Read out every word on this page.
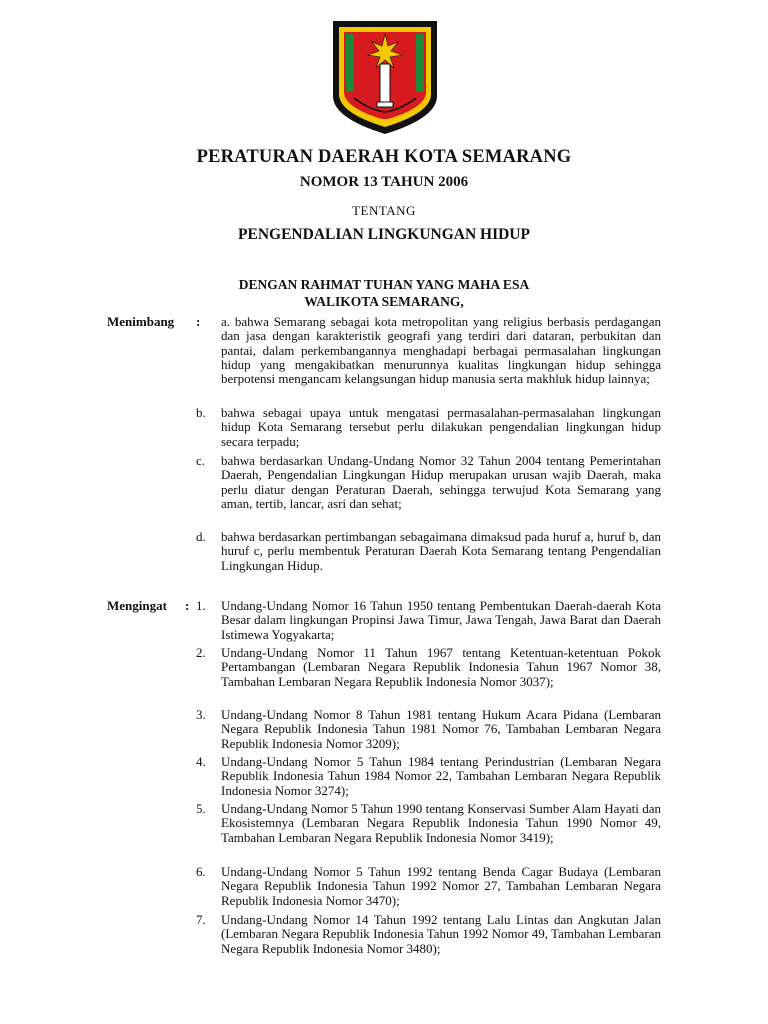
PERATURAN DAERAH KOTA SEMARANG
NOMOR 13 TAHUN 2006
TENTANG
PENGENDALIAN LINGKUNGAN HIDUP
DENGAN RAHMAT TUHAN YANG MAHA ESA
WALIKOTA SEMARANG,
Menimbang : a. bahwa Semarang sebagai kota metropolitan yang religius berbasis perdagangan dan jasa dengan karakteristik geografi yang terdiri dari dataran, perbukitan dan pantai, dalam perkembangannya menghadapi berbagai permasalahan lingkungan hidup yang mengakibatkan menurunnya kualitas lingkungan hidup sehingga berpotensi mengancam kelangsungan hidup manusia serta makhluk hidup lainnya;
b.	bahwa sebagai upaya untuk mengatasi permasalahan-permasalahan lingkungan hidup Kota Semarang tersebut perlu dilakukan pengendalian lingkungan hidup secara terpadu;
c.	bahwa berdasarkan Undang-Undang Nomor 32 Tahun 2004 tentang Pemerintahan Daerah, Pengendalian Lingkungan Hidup merupakan urusan wajib Daerah, maka perlu diatur dengan Peraturan Daerah, sehingga terwujud Kota Semarang yang aman, tertib, lancar, asri dan sehat;
d.	bahwa berdasarkan pertimbangan sebagaimana dimaksud pada huruf a, huruf b, dan huruf c, perlu membentuk Peraturan Daerah Kota Semarang tentang Pengendalian Lingkungan Hidup.
Mengingat : 1.	Undang-Undang Nomor 16 Tahun 1950 tentang Pembentukan Daerah-daerah Kota Besar dalam lingkungan Propinsi Jawa Timur, Jawa Tengah, Jawa Barat dan Daerah Istimewa Yogyakarta;
2.	Undang-Undang Nomor 11 Tahun 1967 tentang Ketentuan-ketentuan Pokok Pertambangan (Lembaran Negara Republik Indonesia Tahun 1967 Nomor 38, Tambahan Lembaran Negara Republik Indonesia Nomor 3037);
3.	Undang-Undang Nomor 8 Tahun 1981 tentang Hukum Acara Pidana (Lembaran Negara Republik Indonesia Tahun 1981 Nomor 76, Tambahan Lembaran Negara Republik Indonesia Nomor 3209);
4.	Undang-Undang Nomor 5 Tahun 1984 tentang Perindustrian (Lembaran Negara Republik Indonesia Tahun 1984 Nomor 22, Tambahan Lembaran Negara Republik Indonesia Nomor 3274);
5.	Undang-Undang Nomor 5 Tahun 1990 tentang Konservasi Sumber Alam Hayati dan Ekosistemnya (Lembaran Negara Republik Indonesia Tahun 1990 Nomor 49, Tambahan Lembaran Negara Republik Indonesia Nomor 3419);
6.	Undang-Undang Nomor 5 Tahun 1992 tentang Benda Cagar Budaya (Lembaran Negara Republik Indonesia Tahun 1992 Nomor 27, Tambahan Lembaran Negara Republik Indonesia Nomor 3470);
7.	Undang-Undang Nomor 14 Tahun 1992 tentang Lalu Lintas dan Angkutan Jalan (Lembaran Negara Republik Indonesia Tahun 1992 Nomor 49, Tambahan Lembaran Negara Republik Indonesia Nomor 3480);
